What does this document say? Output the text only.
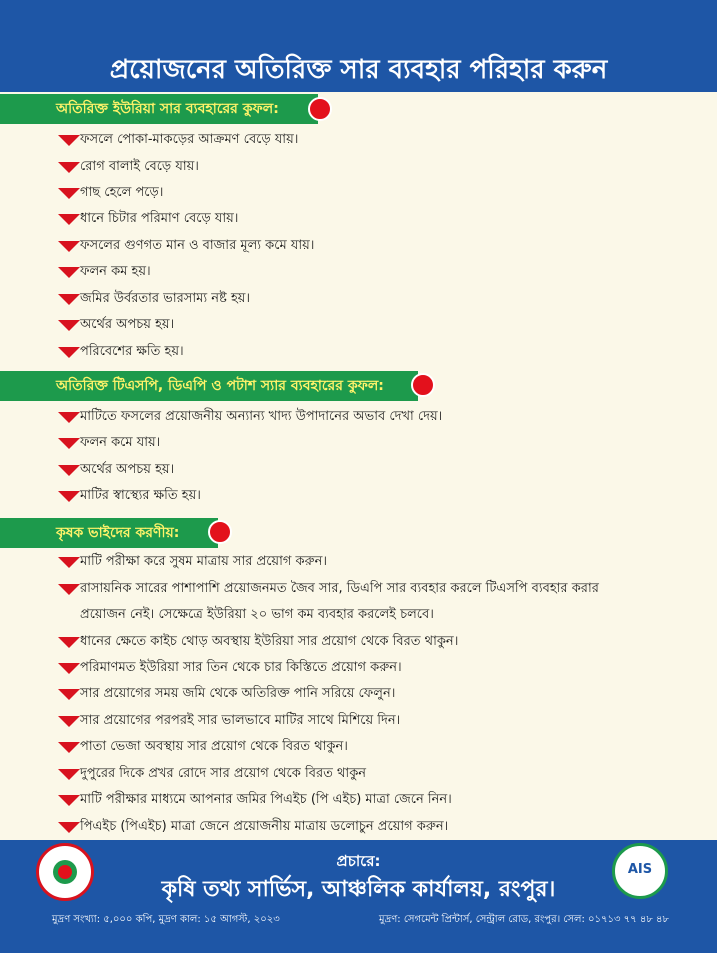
প্রয়োজনের অতিরিক্ত সার ব্যবহার পরিহার করুন
অতিরিক্ত ইউরিয়া সার ব্যবহারের কুফল:
ফসলে পোকা-মাকড়ের আক্রমণ বেড়ে যায়।
রোগ বালাই বেড়ে যায়।
গাছ হেলে পড়ে।
ধানে চিটার পরিমাণ বেড়ে যায়।
ফসলের গুণগত মান ও বাজার মূল্য কমে যায়।
ফলন কম হয়।
জমির উর্বরতার ভারসাম্য নষ্ট হয়।
অর্থের অপচয় হয়।
পরিবেশের ক্ষতি হয়।
অতিরিক্ত টিএসপি, ডিএপি ও পটাশ স্যার ব্যবহারের কুফল:
মাটিতে ফসলের প্রয়োজনীয় অন্যান্য খাদ্য উপাদানের অভাব দেখা দেয়।
ফলন কমে যায়।
অর্থের অপচয় হয়।
মাটির স্বাস্থ্যের ক্ষতি হয়।
কৃষক ভাইদের করণীয়:
মাটি পরীক্ষা করে সুষম মাত্রায় সার প্রয়োগ করুন।
রাসায়নিক সারের পাশাপাশি প্রয়োজনমত জৈব সার, ডিএপি সার ব্যবহার করলে টিএসপি ব্যবহার করার
প্রয়োজন নেই। সেক্ষেত্রে ইউরিয়া ২০ ভাগ কম ব্যবহার করলেই চলবে।
ধানের ক্ষেতে কাইচ থোড় অবস্থায় ইউরিয়া সার প্রয়োগ থেকে বিরত থাকুন।
পরিমাণমত ইউরিয়া সার তিন থেকে চার কিস্তিতে প্রয়োগ করুন।
সার প্রয়োগের সময় জমি থেকে অতিরিক্ত পানি সরিয়ে ফেলুন।
সার প্রয়োগের পরপরই সার ভালভাবে মাটির সাথে মিশিয়ে দিন।
পাতা ভেজা অবস্থায় সার প্রয়োগ থেকে বিরত থাকুন।
দুপুরের দিকে প্রখর রোদে সার প্রয়োগ থেকে বিরত থাকুন
মাটি পরীক্ষার মাধ্যমে আপনার জমির পিএইচ (পি এইচ) মাত্রা জেনে নিন।
পিএইচ (পিএইচ) মাত্রা জেনে প্রয়োজনীয় মাত্রায় ডলোচুন প্রয়োগ করুন।
প্রচারে:
কৃষি তথ্য সার্ভিস, আঞ্চলিক কার্যালয়, রংপুর।
AIS
মুদ্রণ সংখ্যা: ৫,০০০ কপি, মুদ্রণ কাল: ১৫ আগস্ট, ২০২৩	মুদ্রণ: সেগমেন্ট প্রিন্টার্স, সেন্ট্রাল রোড, রংপুর। সেল: ০১৭১৩ ৭৭ ৪৮ ৪৮
